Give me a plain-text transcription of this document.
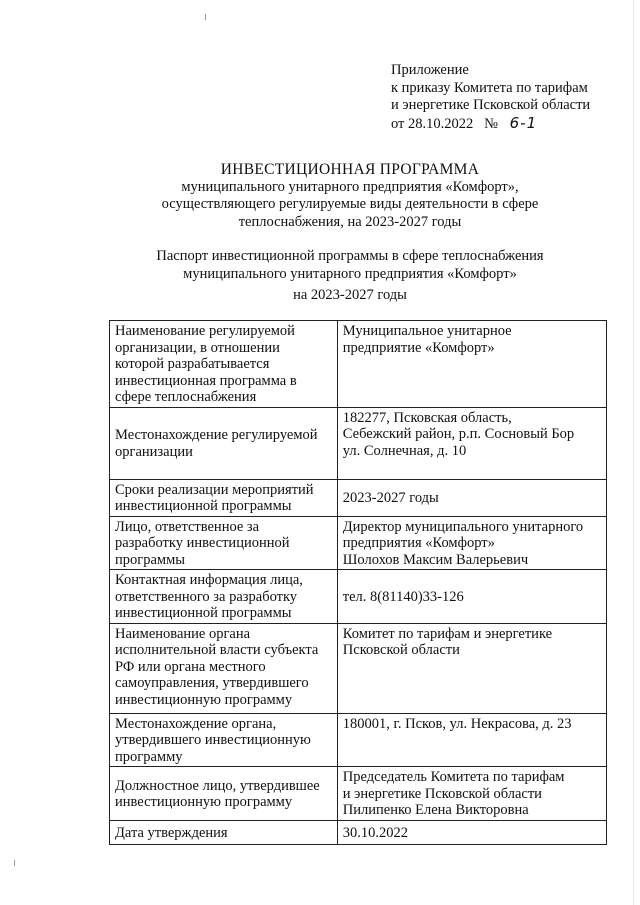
Приложение
к приказу Комитета по тарифам
и энергетике Псковской области
от 28.10.2022 № 6-1
ИНВЕСТИЦИОННАЯ ПРОГРАММА
муниципального унитарного предприятия «Комфорт»,
осуществляющего регулируемые виды деятельности в сфере
теплоснабжения, на 2023-2027 годы
Паспорт инвестиционной программы в сфере теплоснабжения
муниципального унитарного предприятия «Комфорт»
на 2023-2027 годы
Наименование регулируемой
организации, в отношении
которой разрабатывается
инвестиционная программа в
сфере теплоснабжения	Муниципальное унитарное
предприятие «Комфорт»

Местонахождение регулируемой
организации	182277, Псковская область,
Себежский район, р.п. Сосновый Бор
ул. Солнечная, д. 10

Сроки реализации мероприятий
инвестиционной программы	2023-2027 годы

Лицо, ответственное за
разработку инвестиционной
программы	Директор муниципального унитарного
предприятия «Комфорт»
Шолохов Максим Валерьевич

Контактная информация лица,
ответственного за разработку
инвестиционной программы	тел. 8(81140)33-126

Наименование органа
исполнительной власти субъекта
РФ или органа местного
самоуправления, утвердившего
инвестиционную программу	Комитет по тарифам и энергетике
Псковской области

Местонахождение органа,
утвердившего инвестиционную
программу	180001, г. Псков, ул. Некрасова, д. 23

Должностное лицо, утвердившее
инвестиционную программу	Председатель Комитета по тарифам
и энергетике Псковской области
Пилипенко Елена Викторовна

Дата утверждения	30.10.2022
